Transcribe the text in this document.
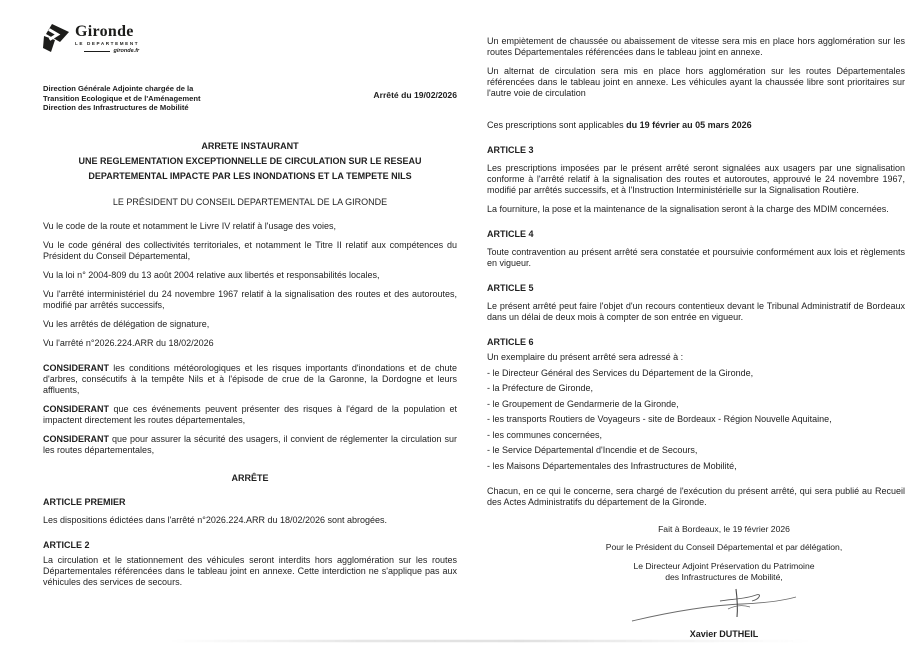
Gironde
LE DEPARTEMENT
gironde.fr
Direction Générale Adjointe chargée de la
Transition Ecologique et de l'Aménagement
Direction des Infrastructures de Mobilité
Arrêté du 19/02/2026
ARRETE INSTAURANT
UNE REGLEMENTATION EXCEPTIONNELLE DE CIRCULATION SUR LE RESEAU
DEPARTEMENTAL IMPACTE PAR LES INONDATIONS ET LA TEMPETE NILS
LE PRÉSIDENT DU CONSEIL DEPARTEMENTAL DE LA GIRONDE

Vu le code de la route et notamment le Livre IV relatif à l'usage des voies,

Vu le code général des collectivités territoriales, et notamment le Titre II relatif aux compétences du Président du Conseil Départemental,

Vu la loi n° 2004-809 du 13 août 2004 relative aux libertés et responsabilités locales,

Vu l'arrêté interministériel du 24 novembre 1967 relatif à la signalisation des routes et des autoroutes, modifié par arrêtés successifs,

Vu les arrêtés de délégation de signature,

Vu l'arrêté n°2026.224.ARR du 18/02/2026

CONSIDERANT les conditions météorologiques et les risques importants d'inondations et de chute d'arbres, consécutifs à la tempête Nils et à l'épisode de crue de la Garonne, la Dordogne et leurs affluents,

CONSIDERANT que ces événements peuvent présenter des risques à l'égard de la population et impactent directement les routes départementales,

CONSIDERANT que pour assurer la sécurité des usagers, il convient de réglementer la circulation sur les routes départementales,

ARRÊTE
ARTICLE PREMIER

Les dispositions édictées dans l'arrêté n°2026.224.ARR du 18/02/2026 sont abrogées.

ARTICLE 2

La circulation et le stationnement des véhicules seront interdits hors agglomération sur les routes Départementales référencées dans le tableau joint en annexe. Cette interdiction ne s'applique pas aux véhicules des services de secours.

Un empiètement de chaussée ou abaissement de vitesse sera mis en place hors agglomération sur les routes Départementales référencées dans le tableau joint en annexe.

Un alternat de circulation sera mis en place hors agglomération sur les routes Départementales référencées dans le tableau joint en annexe. Les véhicules ayant la chaussée libre sont prioritaires sur l'autre voie de circulation

Ces prescriptions sont applicables du 19 février au 05 mars 2026

ARTICLE 3

Les prescriptions imposées par le présent arrêté seront signalées aux usagers par une signalisation conforme à l'arrêté relatif à la signalisation des routes et autoroutes, approuvé le 24 novembre 1967, modifié par arrêtés successifs, et à l'Instruction Interministérielle sur la Signalisation Routière.

La fourniture, la pose et la maintenance de la signalisation seront à la charge des MDIM concernées.

ARTICLE 4

Toute contravention au présent arrêté sera constatée et poursuivie conformément aux lois et règlements en vigueur.

ARTICLE 5

Le présent arrêté peut faire l'objet d'un recours contentieux devant le Tribunal Administratif de Bordeaux dans un délai de deux mois à compter de son entrée en vigueur.

ARTICLE 6

Un exemplaire du présent arrêté sera adressé à :

- le Directeur Général des Services du Département de la Gironde,
- la Préfecture de Gironde,
- le Groupement de Gendarmerie de la Gironde,
- les transports Routiers de Voyageurs - site de Bordeaux - Région Nouvelle Aquitaine,
- les communes concernées,
- le Service Départemental d'Incendie et de Secours,
- les Maisons Départementales des Infrastructures de Mobilité,

Chacun, en ce qui le concerne, sera chargé de l'exécution du présent arrêté, qui sera publié au Recueil des Actes Administratifs du département de la Gironde.

Fait à Bordeaux, le 19 février 2026
Pour le Président du Conseil Départemental et par délégation,
Le Directeur Adjoint Préservation du Patrimoine
des Infrastructures de Mobilité,
Xavier DUTHEIL
